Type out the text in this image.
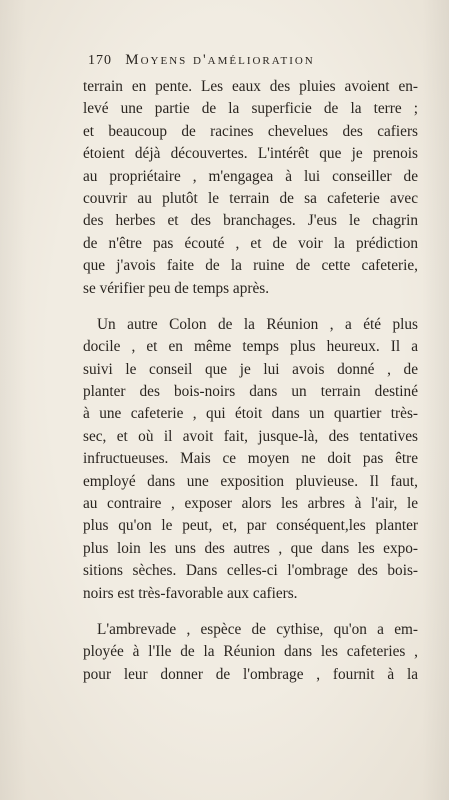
170 Moyens d'amélioration
terrain en pente. Les eaux des pluies avoient en-
levé une partie de la superficie de la terre ;
et beaucoup de racines chevelues des cafiers
étoient déjà découvertes. L'intérêt que je prenois
au propriétaire , m'engagea à lui conseiller de
couvrir au plutôt le terrain de sa cafeterie avec
des herbes et des branchages. J'eus le chagrin
de n'être pas écouté , et de voir la prédiction
que j'avois faite de la ruine de cette cafeterie,
se vérifier peu de temps après.
Un autre Colon de la Réunion , a été plus
docile , et en même temps plus heureux. Il a
suivi le conseil que je lui avois donné , de
planter des bois-noirs dans un terrain destiné
à une cafeterie , qui étoit dans un quartier très-
sec, et où il avoit fait, jusque-là, des tentatives
infructueuses. Mais ce moyen ne doit pas être
employé dans une exposition pluvieuse. Il faut,
au contraire , exposer alors les arbres à l'air, le
plus qu'on le peut, et, par conséquent,les planter
plus loin les uns des autres , que dans les expo-
sitions sèches. Dans celles-ci l'ombrage des bois-
noirs est très-favorable aux cafiers.
L'ambrevade , espèce de cythise, qu'on a em-
ployée à l'Ile de la Réunion dans les cafeteries ,
pour leur donner de l'ombrage , fournit à la
